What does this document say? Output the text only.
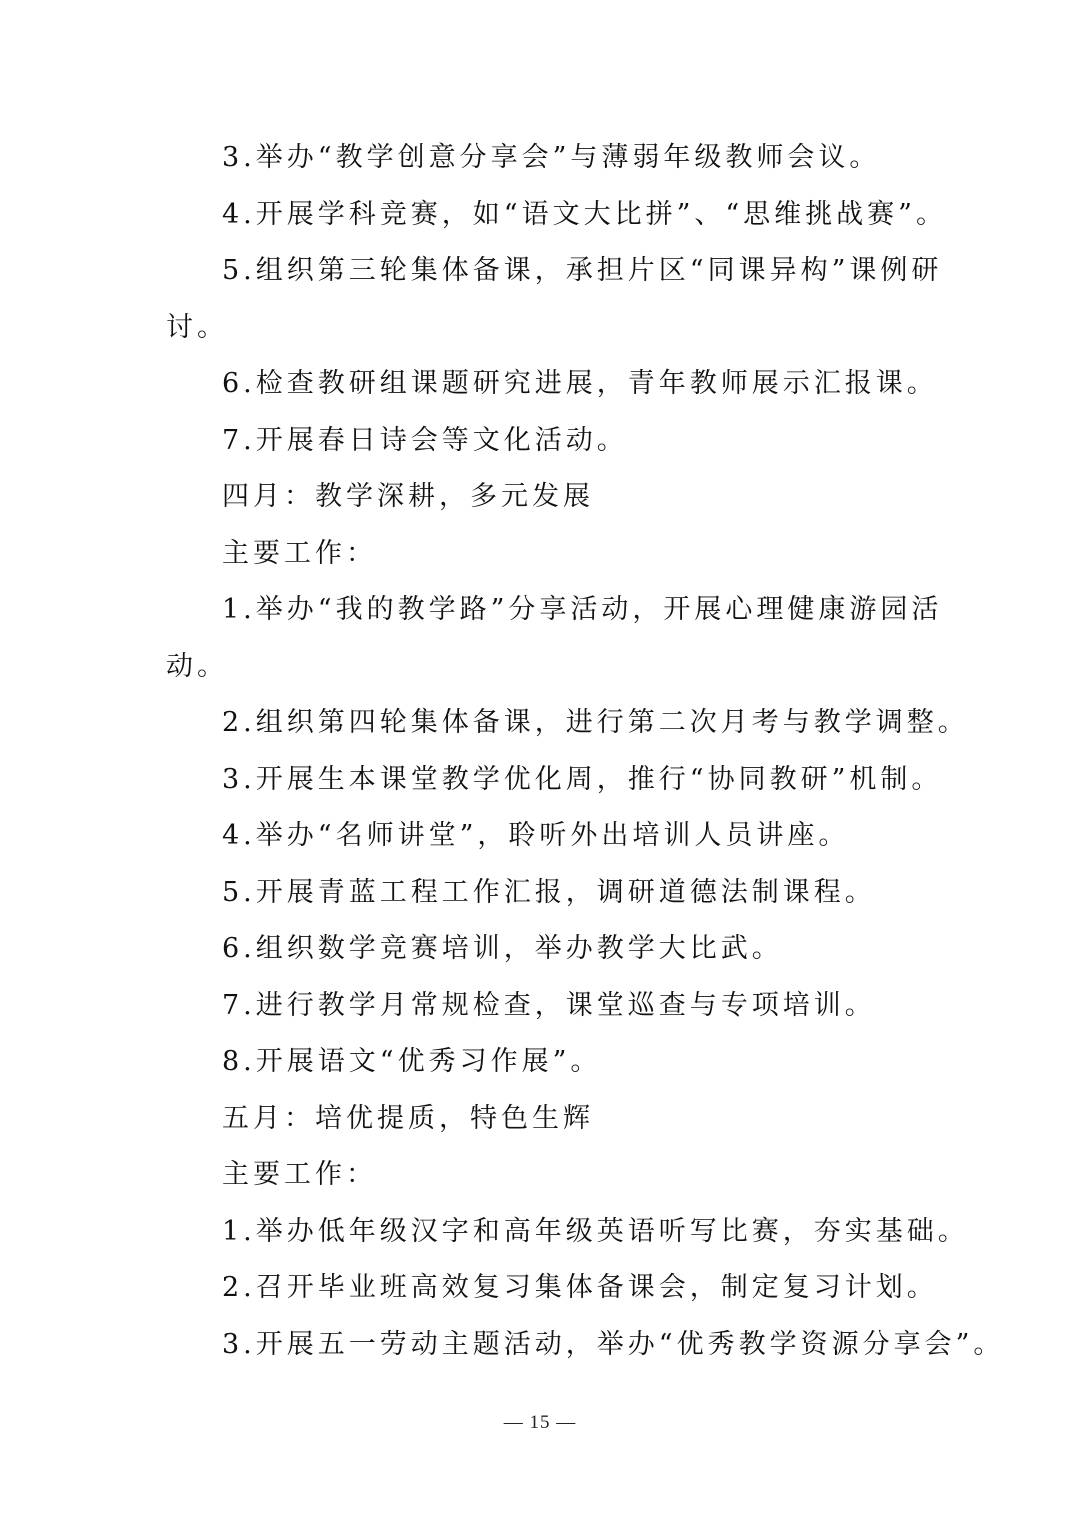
3.举办“教学创意分享会”与薄弱年级教师会议。
4.开展学科竞赛，如“语文大比拼”、“思维挑战赛”。
5.组织第三轮集体备课，承担片区“同课异构”课例研
讨。
6.检查教研组课题研究进展，青年教师展示汇报课。
7.开展春日诗会等文化活动。
四月：教学深耕，多元发展
主要工作：
1.举办“我的教学路”分享活动，开展心理健康游园活
动。
2.组织第四轮集体备课，进行第二次月考与教学调整。
3.开展生本课堂教学优化周，推行“协同教研”机制。
4.举办“名师讲堂”，聆听外出培训人员讲座。
5.开展青蓝工程工作汇报，调研道德法制课程。
6.组织数学竞赛培训，举办教学大比武。
7.进行教学月常规检查，课堂巡查与专项培训。
8.开展语文“优秀习作展”。
五月：培优提质，特色生辉
主要工作：
1.举办低年级汉字和高年级英语听写比赛，夯实基础。
2.召开毕业班高效复习集体备课会，制定复习计划。
3.开展五一劳动主题活动，举办“优秀教学资源分享会”。
— 15 —
